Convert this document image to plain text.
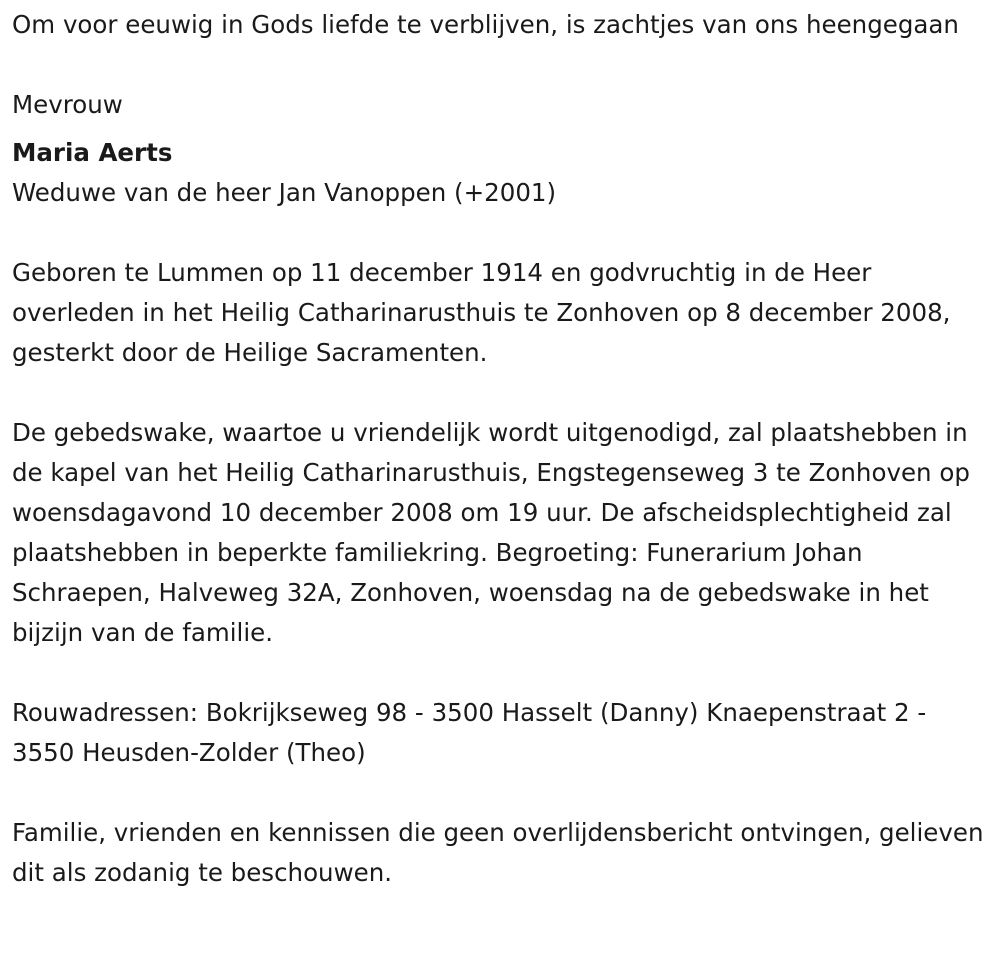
Om voor eeuwig in Gods liefde te verblijven, is zachtjes van ons heengegaan

Mevrouw

Maria Aerts

Weduwe van de heer Jan Vanoppen (+2001)

Geboren te Lummen op 11 december 1914 en godvruchtig in de Heer overleden in het Heilig Catharinarusthuis te Zonhoven op 8 december 2008, gesterkt door de Heilige Sacramenten.

De gebedswake, waartoe u vriendelijk wordt uitgenodigd, zal plaatshebben in de kapel van het Heilig Catharinarusthuis, Engstegenseweg 3 te Zonhoven op woensdagavond 10 december 2008 om 19 uur. De afscheidsplechtigheid zal plaatshebben in beperkte familiekring. Begroeting: Funerarium Johan Schraepen, Halveweg 32A, Zonhoven, woensdag na de gebedswake in het bijzijn van de familie.

Rouwadressen: Bokrijkseweg 98 - 3500 Hasselt (Danny) Knaepenstraat 2 - 3550 Heusden-Zolder (Theo)

Familie, vrienden en kennissen die geen overlijdensbericht ontvingen, gelieven dit als zodanig te beschouwen.
